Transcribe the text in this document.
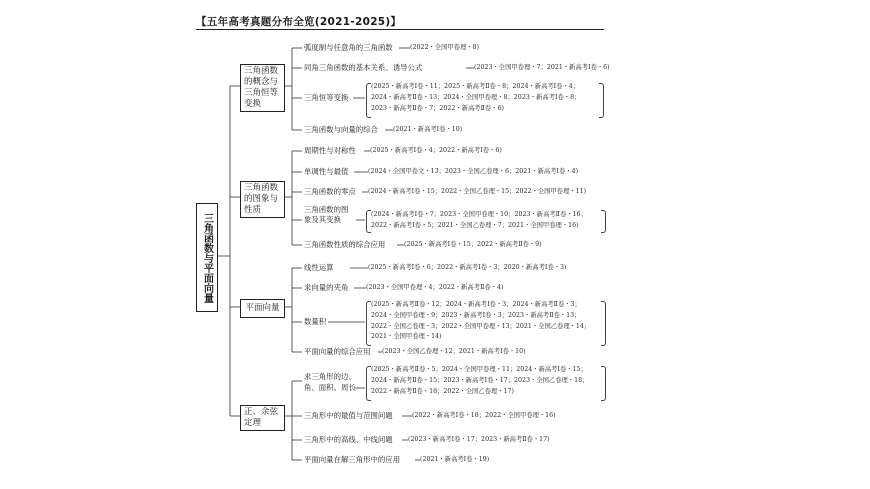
【 五年高考真题分布全览(2021-2025) 】
三角函数与平面向量
三角函数的概念与三角恒等变换
三角函数的图象与性质
平面向量
正、余弦定理
弧度制与任意角的三角函数	(2022・全国甲卷理・8)
同角三角函数的基本关系、诱导公式	(2023・全国甲卷理・7；2021・新高考Ⅰ卷・6)
三角恒等变换
(2025・新高考Ⅰ卷・11；2025・新高考Ⅱ卷・8；2024・新高考Ⅰ卷・4；
2024・新高考Ⅱ卷・13；2024・全国甲卷理・8；2023・新高考Ⅰ卷・8；
2023・新高考Ⅱ卷・7；2022・新高考Ⅱ卷・6)
三角函数与向量的综合 (2021・新高考Ⅰ卷・10)
周期性与对称性 (2025・新高考Ⅰ卷・4；2022・新高考Ⅰ卷・6)
单调性与最值	(2024・全国甲卷文・13；2023・全国乙卷理・6；2021・新高考Ⅰ卷・4)
三角函数的零点 (2024・新高考Ⅰ卷・15；2022・全国乙卷理・15；2022・全国甲卷理・11)
三角函数的图
象及其变换
(2024・新高考Ⅰ卷・7；2023・全国甲卷理・10；2023・新高考Ⅱ卷・16；
2022・新高考Ⅰ卷・5；2021・全国乙卷理・7；2021・全国甲卷理・16)
三角函数性质的综合应用	(2025・新高考Ⅰ卷・15；2022・新高考Ⅱ卷・9)
线性运算	(2025・新高考Ⅰ卷・6；2022・新高考Ⅰ卷・3；2020・新高考Ⅰ卷・3)
求向量的夹角	(2023・全国甲卷理・4；2022・新高考Ⅱ卷・4)
数量积
(2025・新高考Ⅱ卷・12；2024・新高考Ⅰ卷・3；2024・新高考Ⅱ卷・3；
2024・全国甲卷理・9；2023・新高考Ⅰ卷・3；2023・新高考Ⅱ卷・13；
2022・全国乙卷理・3；2022・全国甲卷理・13；2021・全国乙卷理・14；
2021・全国甲卷理・14)
平面向量的综合应用 (2023・全国乙卷理・12；2021・新高考Ⅰ卷・10)
求三角形的边、
角、面积、周长
(2025・新高考Ⅱ卷・5；2024・全国甲卷理・11；2024・新高考Ⅰ卷・15；
2024・新高考Ⅱ卷・15；2023・新高考Ⅰ卷・17；2023・全国乙卷理・18；
2022・新高考Ⅱ卷・18；2022・全国乙卷理・17)
三角形中的最值与范围问题	(2022・新高考Ⅰ卷・18；2022・全国甲卷理・16)
三角形中的高线、中线问题 (2023・新高考Ⅰ卷・17；2023・新高考Ⅱ卷・17)
平面向量在解三角形中的应用	(2021・新高考Ⅰ卷・19)
